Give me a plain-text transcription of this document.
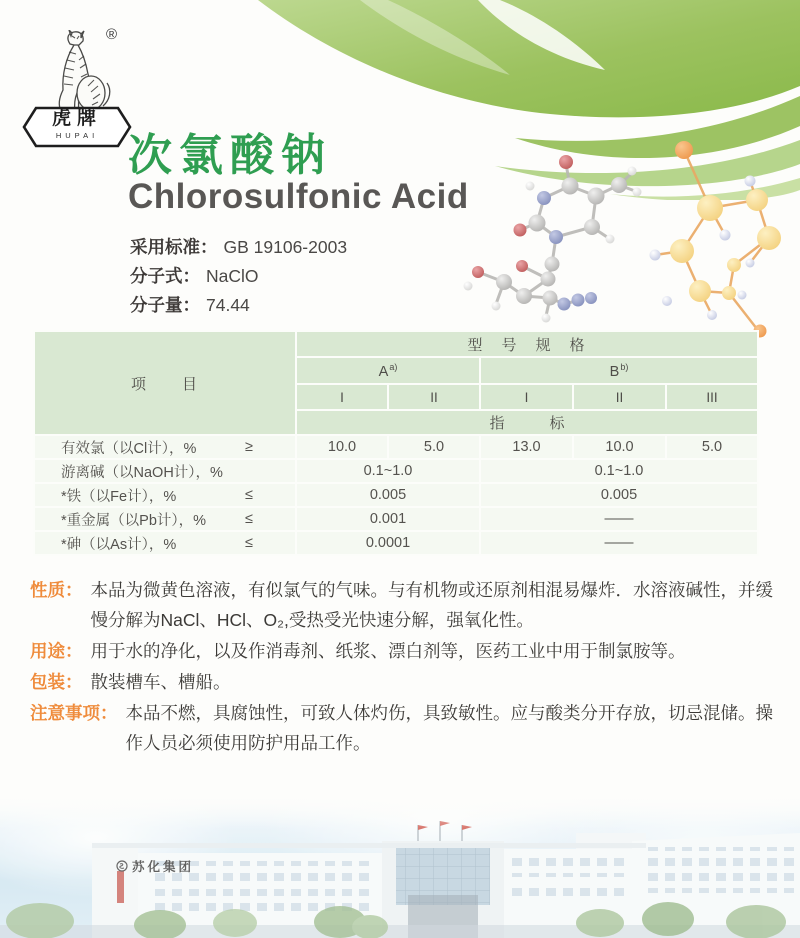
®
虎牌
HUPAI 次氯酸钠
Chlorosulfonic Acid
采用标准： GB 19106-2003
分子式： NaClO
分子量： 74.44
项　　目	型　号　规　格				
	$A^{a)}$		$B^{b)}$
	I	II	I	II	III
	指　　　标				

有效氯（以Cl计），% ≥	10.0	5.0	13.0	10.0	5.0

游离碱（以NaOH计），%	0.1~1.0		0.1~1.0		

*铁（以Fe计），% ≤	0.005		0.005		

*重金属（以Pb计），% ≤	0.001		——		

*砷（以As计），% ≤	0.0001		——		
性质： 本品为微黄色溶液，有似氯气的气味。与有机物或还原剂相混易爆炸．水溶液碱性，并缓慢分解为NaCl、HCl、O₂,受热受光快速分解，强氧化性。
用途： 用于水的净化，以及作消毒剂、纸浆、漂白剂等，医药工业中用于制氯胺等。
包装： 散装槽车、槽船。
注意事项： 本品不燃，具腐蚀性，可致人体灼伤，具致敏性。应与酸类分开存放，切忌混储。操作人员必须使用防护用品工作。
苏化集团
